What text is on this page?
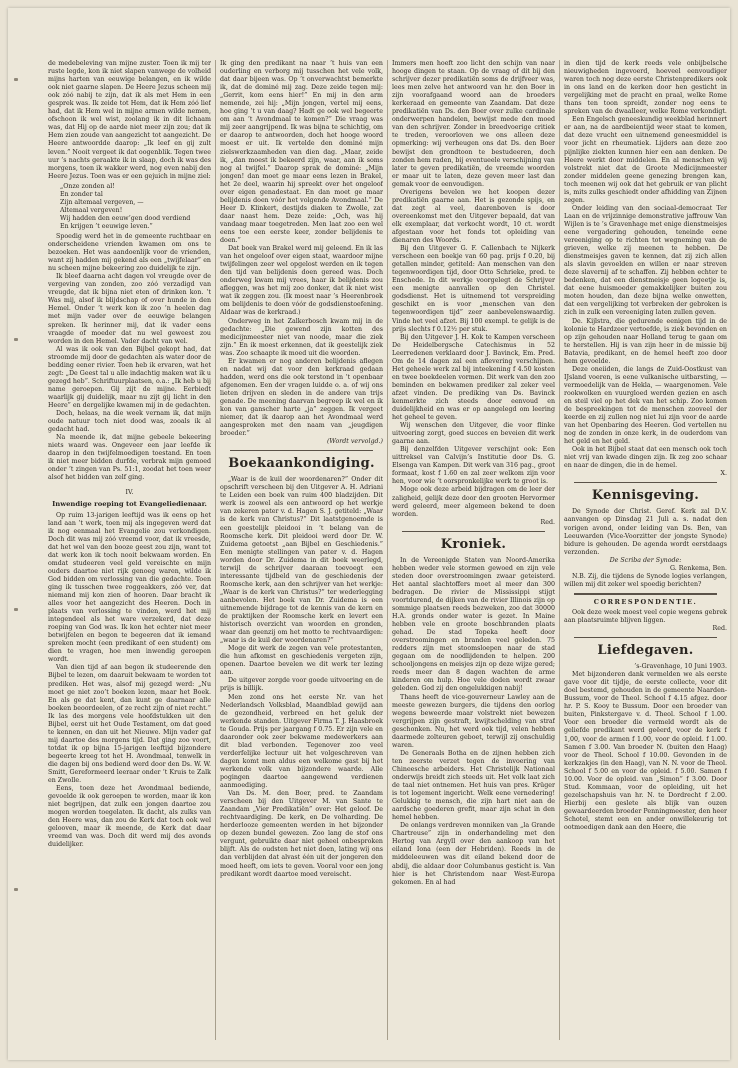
de medebeleving van mijne zuster. Toen ik mij ter ruste legde, kon ik niet slapen vanwege de volheid mijns harten van eeuwige belangen, en ik wilde ook niet gaarne slapen. De Heere Jezus scheen mij ook zóó nabij te zijn, dat ik als met Hem in een gesprek was. Ik zeide tot Hem, dat ik Hem zóó lief had, dat ik Hem wel in mijne armen wilde nemen, ofschoon ik wel wist, zoolang ik in dit lichaam was, dat Hij op de aarde niet meer zijn zou; dat ik Hem zien zoude van aangezicht tot aangezicht. De Heere antwoordde daarop: „Ik leef en gij zult leven.” Nooit vergeet ik dat oogenblik. Tegen twee uur ’s nachts geraakte ik in slaap, doch ik was des morgens, toen ik wakker werd, nog even nabij den Heere Jezus. Toen was er een gejuich in mijne ziel:

„Onze zonden al!
En zonder tal
Zijn altemaal vergeven, —
Altemaal vergeven!
Wij hadden den eeuw’gen dood verdiend
En krijgen ’t eeuwige leven.”

Spoedig werd het in de gemeente ruchtbaar en onderscheidene vrienden kwamen om ons te bezoeken. Het was aandoenlijk voor de vrienden, want zij hadden mij gekend als een „twijfelaar” en nu scheen mijne bekeering zoo duidelijk te zijn.

Ik bleef daarna acht dagen vol vreugde over de vergeving van zonden, zoo zóó verzadigd van vreugde, dat ik bijna niet eten of drinken kon. ’t Was mij, alsof ik blijdschap of over hunde in den Hemel. Onder ’t werk kon ik zoo ’n heelen dag met mijn vader over de eeuwige belangen spreken. Ik herinner mij, dat ik vader eens vraagde of moeder dat nu wel geweest zou worden in den Hemel. Vader dacht van wel.

Al was ik ook van den Bijbel gekopt had, dat stroomde mij door de gedachten als water door de bedding eener rivier. Toen heb ik ervaren, wat het zegt: „De Geest tal u alle indachtig maken wat ik u gezegd heb”. Schriftuurplaatsen, o.a.: „Ik heb u bij name geroepen. Gij zijt de mijne. Eerbiedt waarlijk gij duidelijk, maar nu zijt gij licht in den Heere” en dergelijke kwamen mij in de gedachten.

Doch, helaas, na die week vernam ik, dat mijn oude natuur toch niet dood was, zooals ik al gedacht had.

Na meende ik, dat mijne gebeele bekeering niets waard was. Ongeveer een jaar leefde ik daarop in den twijfelmoedigen toestand. En toen ik niet meer bidden durfde, verbrak mijn gemoed onder ’t zingen van Ps. 51:1, zoodat het toen weer alsof het bidden van zelf ging.

IV.
Inwendige roeping tot Evangeliedienaar.

Op ruim 13-jarigen leeftijd was ik eens op het land aan ’t werk, toen mij als ingegeven werd dat ik nog eenmaal het Evangelie zou verkondigen. Doch dit was mij zóó vreemd voor, dat ik vreesde, dat het wel van den booze geest zou zijn, want tot dat werk kon ik toch nooit bekwaam worden. En omdat studeeren veel geld vereischte en mijn ouders daartoe niet rijk genoeg waren, wilde ik God bidden om verlossing van die gedachte. Toen ging ik tusschen twee roggeakkers, zóó ver, dat niemand mij kon zien of hooren. Daar bracht ik alles voor het aangezicht des Heeren. Doch in plaats van verlossing te vinden, werd het mij integendeel als het ware verzekerd, dat deze roeping van God was. Ik kon het echter niet meer betwijfelen en begon te begeeren dat ik iemand spreken mocht (een predikant of een student) om dien te vragen, hoe men inwendig geroepen wordt.

Van dien tijd af aan begon ik studeerende den Bijbel te lezen, om daaruit bekwaam te worden tot prediken. Het was, alsof mij gezegd werd: „Nu moet ge niet zoo’t boeken lezen, maar het Boek. En als ge dat kent, dan kunt ge daarnaar alle boeken beoordeelen, of ze recht zijn of niet recht.” Ik las des morgens vele hoofdstukken uit den Bijbel, eerst uit het Oude Testament, om dat goed te kennen, en dan uit het Nieuwe. Mijn vader gaf mij daartoe des morgens tijd. Dat ging zoo voort, totdat ik op bijna 15-jarigen leeftijd bijzondere begeerte kreeg tot het H. Avondmaal, tenwelk in die dagen bij ons bediend werd door den Ds. W. W. Smitt, Gereformeerd leeraar onder ’t Kruis te Zalk en Zwolle.

Eens, toen deze het Avondmaal bediende, gevoelde ik ook geroepen te worden, maar ik kon niet begrijpen, dat zulk een jongen daartoe zou mogen worden toegelaten. Ik dacht, als zulks van den Heere was, dan zou de Kerk dat toch ook wel gelooven, maar ik meende, de Kerk dat daar vreemd van was. Doch dit werd mij des avonds duidelijker.

Ik ging den predikant na naar ’t huis van een ouderling en verborg mij tusschen het vele volk, dat daar bijeen was. Op ’t onverwachtst bemerkte ik, dat de dominé mij zag. Deze zeide tegen mij: „Gerrit, kom eens hier!” En mij in den arm nemende, zei hij: „Mijn jongen, vertel mij eens, hoe ging ’t u van daag? Hadt ge ook wel begeerte om aan ’t Avondmaal te komen?” Die vraag was mij zeer aangrijpend. Ik was bijna te schichtig, om er daarop te antwoorden, doch het hooge woord moest er uit. Ik vertelde den dominé mijn zielswerkzaamheden van dien dag. „Maar, zeide ik, „dan moest ik bekeerd zijn, waar, aan ik soms nog al twijfel.” Daarop sprak de dominé: „Mijn jongen! dan moet ge maar eens lezen in Brakel, het 2e deel, waarin hij spreekt over het ongeloof over eigen genadestaat. En dan moet ge maar belijdenis doen vóór het volgende Avondmaal.” De Heer D. Klinkert, destijds diaken te Zwolle, zat daar naast hem. Deze zeide: „Och, was hij vandaag maar toegetreden. Men laat zoo een wel eens toe een eerste keer, zonder belijdenis te doen.”

Dat boek van Brakel werd mij geleend. En ik las van het ongeloof over eigen staat, waardoor mijne twijfelingen zeer wel opgelost werden en ik tegen den tijd van belijdenis doen gereed was. Doch onderweg kwam mij vrees, haar ik belijdenis zou afleggen, was het mij zoo donker, dat ik niet wist wat ik zeggen zou. (Ik moest naar ’s Heerenbroek om belijdenis te doen vóór de godsdienstoefening. Aldaar was de kerkraad.)

Onderweg in het Zalkerbosch kwam mij in de gedachte: „Die gewend zijn kotten des medicijnmeester niet van noode, maar die ziek zijn.” En ik moest erkennen, dat ik geestelijk ziek was. Zoo schaapte ik moed uit die woorden.

Er kwamen er nog anderen belijdenis aflegen en nadat wij dat voor den kerkraad gedaan hadden, werd ons die ook terstond in ’t openbaar afgenomen. Een der vragen luidde o. a. of wij ons lieten drijven en sleden in de andere van trijs genade. De meening daarvan begreep ik wel en ik kon van ganscher harte „ja” zeggen. Ik vergeet niemer, dat ik daarop aan het Avondmaal werd aangesproken met den naam van „jeugdigen broeder.”

(Wordt vervolgd.)
Boekaankondiging.

„Waar is de kuil der woordenaren?” Onder dit opschrift verscheen bij den Uitgever A. H. Adriani te Leiden een boek van ruim 400 bladzijden. Dit werk is zoowel als een antwoord op het werkje van zekeren pater v. d. Hagen S. J. getiteld: „Waar is de kerk van Christus?” Dit laatstgenoemde is een geestelijk pleidooi in ’t belang van de Roomsche kerk. Dit pleidooi werd door Dr. W. Zuidema getoetst „aan Bijbel en Geschiedenis.” Een menigte stellingen van pater v. d. Hagen worden door Dr. Zuidema in dit boek weerlegd, terwijl de schrijver daaraan toevoegt een interessante tijdbeld van de geschiedenis der Roomsche kerk, aan den schrijver van het werkje: „Waar is de kerk van Christus?” ter wederlegging aanbevolen. Het boek van Dr. Zuidema is een uitnemende bijdrage tot de kennis van de kern en de praktijken der Roomsche kerk en levert een historisch overzicht van woorden en gronden, waar dan geenzij om het motto te rechtvaardigen: „waar is de kuil der woordenaren?”

Moge dit werk de zegen van vele protestanten, die hun afkomst en geschiedenis vergeten zijn, openen. Daartoe bevelen we dit werk ter lezing aan.

De uitgever zorgde voor goede uitvoering en de prijs is billijk.

Men zond ons het eerste Nr. van het Nederlandsch Volksblad, Maandblad gewijd aan de gezondheid, verbreed en het geluk der werkende standen. Uitgever Firma T. J. Haasbroek te Gouda. Prijs per jaargang f 0.75. Er zijn vele en daaronder ook zeer bekwame medewerkers aan dit blad verbonden. Tegenover zoo veel verderfelijke lectuur uit het volgeschreven van dagen komt men aldus een welkome gast bij het werkende volk van bijzondere waarde. Alle pogingen daartoe aangewend verdienen aanmoediging.

Van Ds. M. den Boer, pred. te Zaandam verscheen bij den Uitgever M. van Sante te Zaandam „Vier Predikatiën” over: Het geloof. De rechtvaardiging. De kerk, en De volharding. De herderlooze gemeenten werden in het bijzonder op dezen bundel gewezen. Zoo lang de stof ons vergunt, gebruikte daar niet geheel onbesproken blijft. Als de oudsten het niet doen, lating wij ons dan verblijden dat alvast één uit der jongeren den moed heeft, om iets te geven. Vooral voor een jong predikant wordt daartoe moed vereischt.

Immers men hoeft zoo licht den schijn van naar hooge dingen te staan. Op de vraag of dit bij den schrijver dezer predikatiën soms de drijfveer was, lees men zelve het antwoord van hr. den Boer in zijn voorafgaand woord aan de broeders kerkeraad en gemeente van Zaandam. Dat deze predikatiën van Ds. den Boer over zulke cardinale onderwerpen handelen, bewijst mede den moed van den schrijver. Zonder in breedvoerige critiek te treden, veroorloven we ons alleen deze opmerking: wij verheugen ons dat Ds. den Boer bewijst den grondtoon te bestudeeren, doch zonden hem raden, bij eventueele verschijning van later te geven predikatiën, de vreemde woorden er maar uit te laten, deze geven meer last dan gemak voor de eenvoudigen.

Overigens bevelen we het koopen dezer predikatiën gaarne aan. Het is gezonde spijs, en dat zegt al veel, daarenboven is door overeenkomst met den Uitgever bepaald, dat van elk exemplaar, dat verkocht wordt, 10 ct. wordt afgestaan voor het fonds tot opleiding van dienaren des Woords.

Bij den Uitgever G. F. Callenbach te Nijkerk verscheen een boekje van 60 pag. prijs f 0.20, bij getallen minder, getiteld: Aan menschen van den tegenwoordigen tijd, door Otto Schrieke, pred. te Enschede. In dit werkje voorgelegt de Schrijver een menigte aanvallen op den Christel. godsdienst. Het is uitnemend tot verspreiding geschikt en is voor „menschen van den tegenwoordigen tijd” zeer aanbevelenswaardig. Vinde het veel afzet. Bij 100 exempl. te gelijk is de prijs slechts f 0.12½ per stuk.

Bij den Uitgever J. H. Kok te Kampen verscheen De Heidelbergsche Catechismus in 52 Leerredenen verklaard door J. Bavinck, Em. Pred. Om de 14 dagen zal een aflevering verschijnen. Het geheele werk zal bij inteekening f 4.50 kosten en twee boekdeelen vormen. Dit werk van den zoo beminden en bekwamen prediker zal zeker veel afzet vinden. De prediking van Ds. Bavinck kenmerkte zich steeds door eenvoud en duidelijkheid en was er op aangelegd om leering het geheel te geven.

Wij wenschen den Uitgever, die voor flinke uitvoering zorgt, goed succes en beveien dit werk gaarne aan.

Bij denzelfden Uitgever verschijnt ook: Een uittreksel van Calvijn’s Institutie door Ds. G. Elsenga van Kampen. Dit werk van 316 pag., groot formaat, kost f 1.60 en zal zeer welkom zijn voor hen, voor wie ’t oorspronkelijke werk te groot is.

Moge ook deze arbeid bijdragen om de leer der zaligheid, gelijk deze door den grooten Hervormer werd geleerd, meer algemeen bekend te doen worden.

Red.
Kroniek.

In de Vereenigde Staten van Noord-Amerika hebben weder vele stormen gewoed en zijn vele steden door overstroomingen zwaar geteisterd. Het aantal slachtoffers moet al meer dan 300 bedragen. De rivier de Mississippi stijgt voortdurend, de dijken van de rivier Illinois zijn op sommige plaatsen reeds bezweken, zoo dat 30000 H.A. gronds onder water is gezet. In Maine hebben vele en groote boschbranden plaats gehad. De stad Topeka heeft door overstroomingen en branden veel geleden. 75 redders zijn met stoomsloepen naar de stad gegaan om de noodlijdenden te helpen. 200 schooljongens en meisjes zijn op deze wijze gered; reeds meer dan 8 dagen wachten de arme kinderen om hulp. Hoe vele doden wordt zwaar geleden. God zij den ongelukkigen nabij!

Thans heeft de vice-gouverneur Lawley aan de meeste gewezen burgers, die tijdens den oorlog wegens beweerde maar volstrekt niet bewezen vergrijpen zijn gestraft, kwijtschelding van straf geschonken. Nu, het werd ook tijd, velen hebben daarmede zolteuren geboet, terwijl zij onschuldig waren.

De Generaals Botha en de zijnen hebben zich ten zeerste verzet tegen de invoering van Chineesche arbeiders. Het Christelijk Nationaal onderwijs breidt zich steeds uit. Het volk laat zich de taal niet ontnemen. Het huis van pres. Krüger is tot logement ingericht. Welk eene vernedering! Gelukkig te mensch, die zijn hart niet aan de aardsche goederen grefit, maar zijn schat in den hemel hebben.

De onlangs verdreven monniken van „la Grande Chartreuse” zijn in onderhandeling met den Hertog van Argyll over den aankoop van het eiland Iona (een der Hebriden). Reeds in de middeleeuwen was dit eiland bekend door de abdij, die aldaar door Columbanus gesticht is. Van hier is het Christendom naar West-Europa gekomen. En al had

in dien tijd de kerk reeds vele onbijbelsche nieuwigheden ingevoerd, hoeveel eenvoudiger waren toch nog deze eerste Christenpredikers ook in ons land en de kerken door hen gesticht in vergelijking met de pracht en praal, welke Rome thans ten toon spreidt, zonder nog eens te spreken van de dwaalleer, welke Rome verkondigt.

Een Engelsch geneeskundig weekblad herinnert er aan, na de aardbeientijd weer staat te komen, dat deze vrucht een uitnemend geneesmiddel is voor jicht en rheumatiek. Lijders aan deze zoo pijnlijke ziekten kunnen hier een aan denken. De Heere werkt door middelen. En al menschen wij volstrekt niet dat de Groote Medicijnmeester zonder middelen geene genezing brengen kan, toch meenen wij ook dat het gebruik er van plicht is, mits zulks geschiedt onder afhidding van Zijnen zegen.

Onder leiding van den sociaal-democraat Ter Laan en de vrijzinnige demonstrative jaffrouw Van Wijlen is te ’s Gravenhage met enige dienstmeisjes eene vergadering gehouden, teneinde eene vereeniging op te richten tot wegneming van de grieven, welke zij meenen te hebben. De dienstmeisjes gaven te kennen, dat zij zich allen als slavin gevoelden en willen er naar streven deze slavernij af te schaffen. Zij hebben echter te bedenken, dat een dienstmeisje geen logeetje is, dat eene huismoeder gemakkelijker buiten zou moten houden, dan deze bijna welke onwetten, dat een vergelijking tot verbreken der gebroken is zich in zulk een vereeniging laten zullen geven.

De. Kijlstra, die gedurende eenigen tijd in de kolonie te Hardzeer vertoefde, is ziek bevonden en op zijn gehouden naar Holland terug te gaan om te herstellen. Hij is van zijn heer in de missie bij Batavia, predikant, en de hemel heeft zoo door hem gevoelde.

Deze oneiiden, die langs de Zuid-Oostkust van IJsland voeren, is eene vulkanische uitbarsting, — vermoedelijk van de Hekla, — waargenomen. Vele rookwolken en vuurgloed werden gezien en asch en steil viel op het dek van het schip. Zoo komen de bespreekingen tot de menschen zooveel der keerde en zij zullen nog niet lui zijn voor de aarde van het Openbaring des Heeren. God vertellen nu nog de zonden in onze kerk, in de ouderdom van het geld en het geld.

Ook in het Bijbel staat dat een mensch ook toch niet vrij van kwade dingen zijn. Ik zeg zoo schaar en naar de dingen, die in de hemel.

X.
Kennisgeving.

De Synode der Christ. Geref. Kerk zal D.V. aanvangen op Dinsdag 21 Juli a. s. nadat den vorigen avond, onder leiding van Ds. Ben, van Leeuwarden (Vice-Voorzitter der jongste Synode) bidure is gehouden. De agenda wordt eerstdaags verzonden.

De Scriba der Synode:
G. Renkema, Ben.

N.B. Zij, die tijdens de Synode logies verlangen, willen mij dit zeker wel spoedig berichten?

CORRESPONDENTIE.

Ook deze week moest veel copie wegens gebrek aan plaatsruimte blijven liggen.

Red.
Liefdegaven.
’s-Gravenhage, 10 Juni 1903.

Met bijzonderen dank vermelden we als eerste gave voor dit tijdje, de eerste collecte, voor dit doel bestemd, gehouden in de gemeente Naarden-Bussum, voor de Theol. School f 4.15 afgez. door hr. P. S. Kooy te Bussum. Door een broeder van buiten, Pinkstergave v. d. Theol. School f 1.00. Voor een broeder die vermeld wordt als de geliefde predikant werd geëerd, voor de kerk f 1,00, voor de armen f 1.00, voor de opleid. f 1.00. Samen f 3.00. Van broeder N. (buiten den Haag) voor de Theol. School f 10.00. Gevonden in de kerkzakjes (in den Haag), van N. N. voor de Theol. School f 5.00 en voor de opleid. f 5.00. Samen f 10.00. Voor de opleid. van „Simon” f 3.00. Door Stud. Kommaan, voor de opleiding, uit het gezelschapshuis van hr. N. te Dordrecht f 2.00. Hierbij een geslete als blijk van ouzen gewaardeerden broeder Penningmeester, den heer Schotel, stemt een en ander onwillekeurig tot ootmoedigen dank aan den Heere, die
